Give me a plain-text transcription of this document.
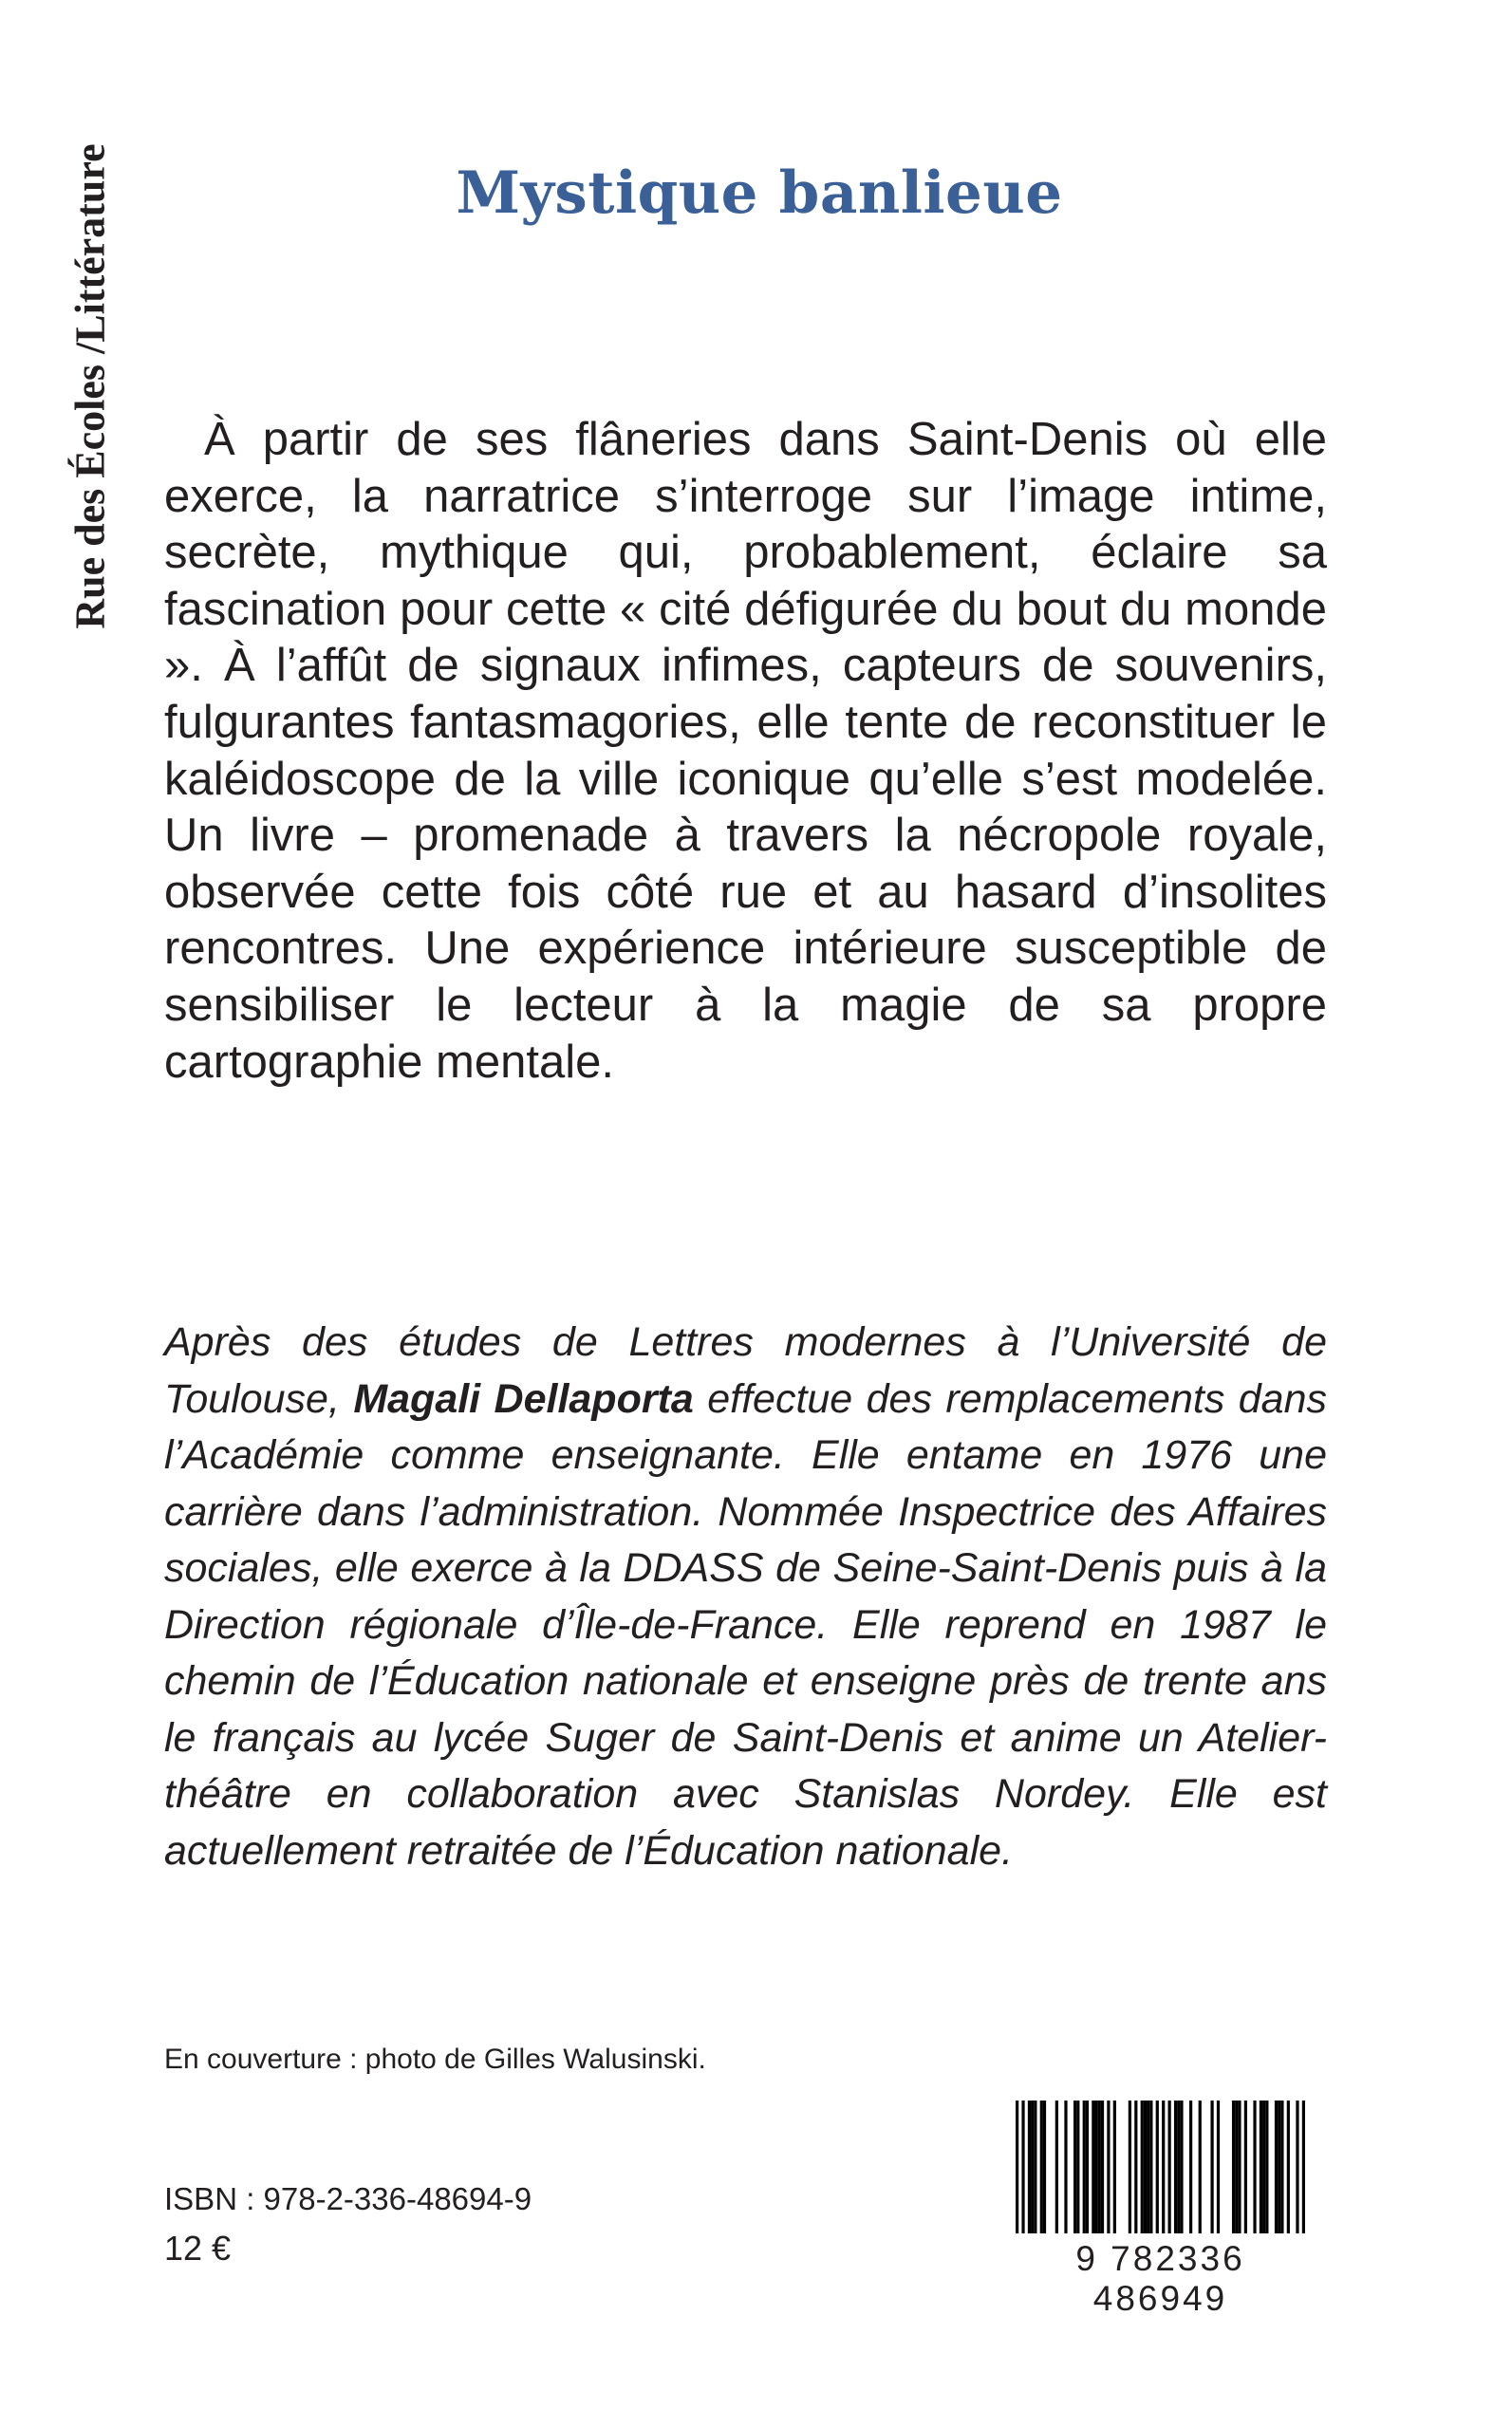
Rue des Écoles /Littérature	Mystique banlieue

À partir de ses flâneries dans Saint-Denis où elle exerce, la narratrice s’interroge sur l’image intime, secrète, mythique qui, probablement, éclaire sa fascination pour cette « cité défigurée du bout du monde ». À l’affût de signaux infimes, capteurs de souvenirs, fulgurantes fantasmagories, elle tente de reconstituer le kaléidoscope de la ville iconique qu’elle s’est modelée. Un livre – promenade à travers la nécropole royale, observée cette fois côté rue et au hasard d’insolites rencontres. Une expérience intérieure susceptible de sensibiliser le lecteur à la magie de sa propre cartographie mentale.

Après des études de Lettres modernes à l’Université de Toulouse, Magali Dellaporta effectue des remplacements dans l’Académie comme enseignante. Elle entame en 1976 une carrière dans l’administration. Nommée Inspectrice des Affaires sociales, elle exerce à la DDASS de Seine-Saint-Denis puis à la Direction régionale d’Île-de-France. Elle reprend en 1987 le chemin de l’Éducation nationale et enseigne près de trente ans le français au lycée Suger de Saint-Denis et anime un Atelier-théâtre en collaboration avec Stanislas Nordey. Elle est actuellement retraitée de l’Éducation nationale.

En couverture : photo de Gilles Walusinski.
ISBN : 978-2-336-48694-9
12 €	9 782336 486949
